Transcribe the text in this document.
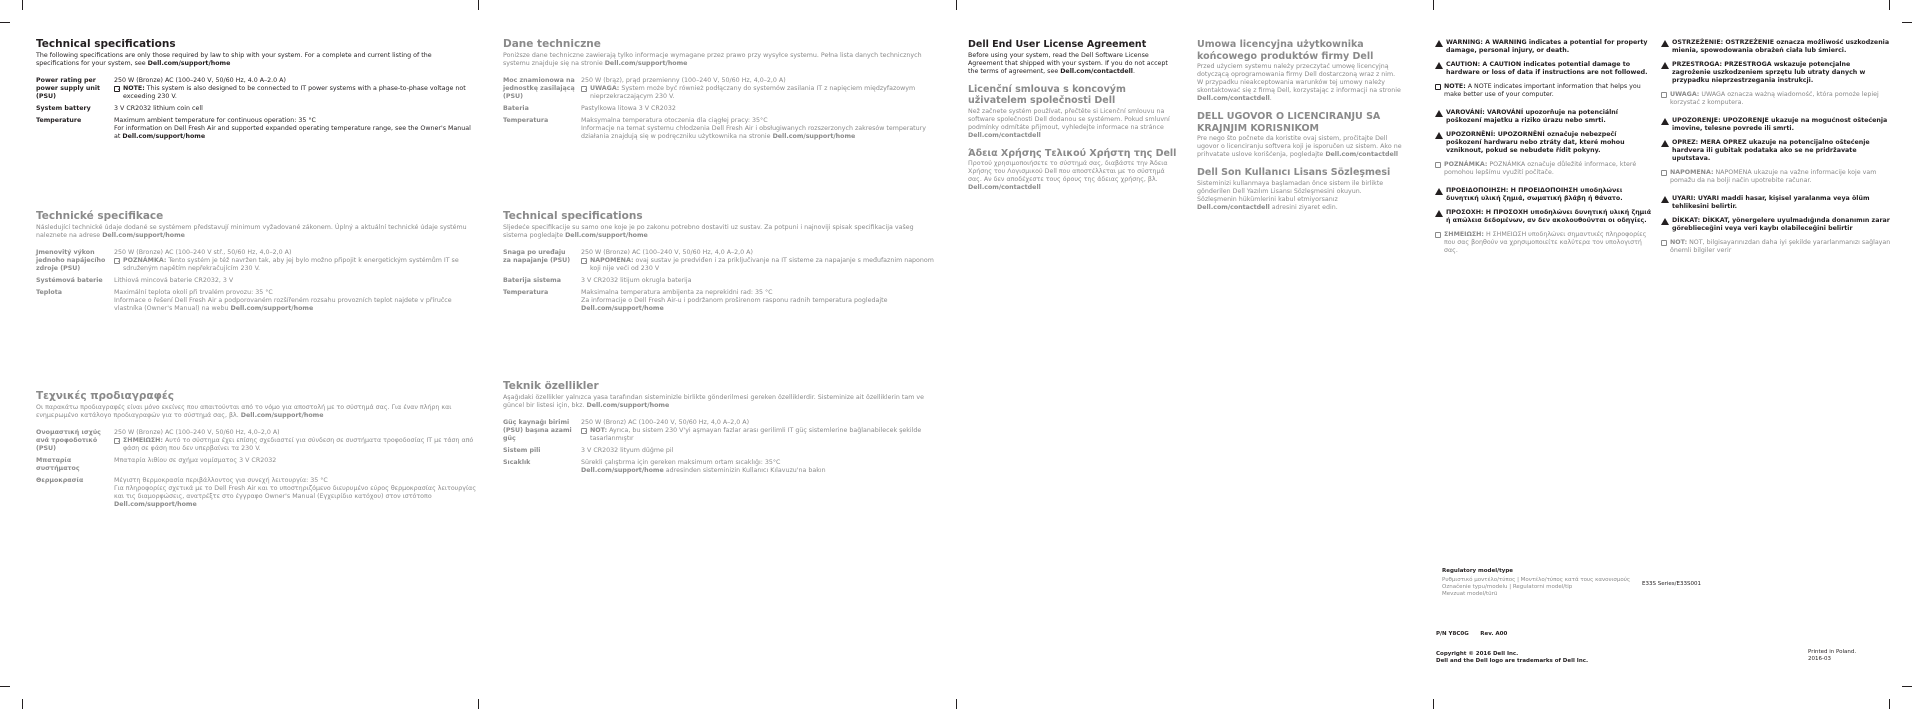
Technical specifications

The following specifications are only those required by law to ship with your system. For a complete and current listing of the specifications for your system, see Dell.com/support/home

Power rating per power supply unit (PSU)	250 W (Bronze) AC (100–240 V, 50/60 Hz, 4.0 A–2.0 A)
NOTE: This system is also designed to be connected to IT power systems with a phase-to-phase voltage not exceeding 230 V.

System battery	3 V CR2032 lithium coin cell
Temperature	Maximum ambient temperature for continuous operation: 35 °C
For information on Dell Fresh Air and supported expanded operating temperature range, see the Owner's Manual at Dell.com/support/home
Technické specifikace

Následující technické údaje dodané se systémem představují minimum vyžadované zákonem. Úplný a aktuální technické údaje systému naleznete na adrese Dell.com/support/home

Jmenovitý výkon jednoho napájecího zdroje (PSU)	250 W (Bronze) AC (100–240 V stř., 50/60 Hz, 4,0–2,0 A)
POZNÁMKA: Tento systém je též navržen tak, aby jej bylo možno připojit k energetickým systémům IT se sdruženým napětím nepřekračujícím 230 V.

Systémová baterie	Lithiová mincová baterie CR2032, 3 V
Teplota	Maximální teplota okolí při trvalém provozu: 35 °C
Informace o řešení Dell Fresh Air a podporovaném rozšířeném rozsahu provozních teplot najdete v příručce vlastníka (Owner's Manual) na webu Dell.com/support/home
Τεχνικές προδιαγραφές

Οι παρακάτω προδιαγραφές είναι μόνο εκείνες που απαιτούνται από το νόμο για αποστολή με το σύστημά σας. Για έναν πλήρη και ενημερωμένο κατάλογο προδιαγραφών για το σύστημά σας, βλ. Dell.com/support/home

Ονομαστική ισχύς ανά τροφοδοτικό (PSU)	250 W (Bronze) AC (100–240 V, 50/60 Hz, 4,0–2,0 A)
ΣΗΜΕΙΩΣΗ: Αυτό το σύστημα έχει επίσης σχεδιαστεί για σύνδεση σε συστήματα τροφοδοσίας IT με τάση από φάση σε φάση που δεν υπερβαίνει τα 230 V.

Μπαταρία συστήματος	Μπαταρία λιθίου σε σχήμα νομίσματος 3 V CR2032
Θερμοκρασία	Μέγιστη θερμοκρασία περιβάλλοντος για συνεχή λειτουργία: 35 °C
Για πληροφορίες σχετικά με το Dell Fresh Air και το υποστηριζόμενο διευρυμένο εύρος θερμοκρασίας λειτουργίας και τις διαμορφώσεις, ανατρέξτε στο έγγραφο Owner's Manual (Εγχειρίδιο κατόχου) στον ιστότοπο Dell.com/support/home
Dane techniczne

Poniższe dane techniczne zawierają tylko informacje wymagane przez prawo przy wysyłce systemu. Pełna lista danych technicznych systemu znajduje się na stronie Dell.com/support/home

Moc znamionowa na jednostkę zasilającą (PSU)	250 W (brąz), prąd przemienny (100–240 V, 50/60 Hz, 4,0–2,0 A)
UWAGA: System może być również podłączany do systemów zasilania IT z napięciem międzyfazowym nieprzekraczającym 230 V.

Bateria	Pastylkowa litowa 3 V CR2032
Temperatura	Maksymalna temperatura otoczenia dla ciągłej pracy: 35°C
Informacje na temat systemu chłodzenia Dell Fresh Air i obsługiwanych rozszerzonych zakresów temperatury działania znajdują się w podręczniku użytkownika na stronie Dell.com/support/home
Technical specifications

Sljedeće specifikacije su samo one koje je po zakonu potrebno dostaviti uz sustav. Za potpuni i najnoviji spisak specifikacija vašeg sistema pogledajte Dell.com/support/home

Snaga po uređaju za napajanje (PSU)	250 W (Bronze) AC (100–240 V, 50/60 Hz, 4,0 A–2,0 A)
NAPOMENA: ovaj sustav je predviđen i za priključivanje na IT sisteme za napajanje s međufaznim naponom koji nije veći od 230 V

Baterija sistema	3 V CR2032 litijum okrugla baterija
Temperatura	Maksimalna temperatura ambijenta za neprekidni rad: 35 °C
Za informacije o Dell Fresh Air-u i podržanom proširenom rasponu radnih temperatura pogledajte Dell.com/support/home
Teknik özellikler

Aşağıdaki özellikler yalnızca yasa tarafından sisteminizle birlikte gönderilmesi gereken özelliklerdir. Sisteminize ait özelliklerin tam ve güncel bir listesi için, bkz. Dell.com/support/home

Güç kaynağı birimi (PSU) başına azami güç	250 W (Bronz) AC (100–240 V, 50/60 Hz, 4,0 A–2,0 A)
NOT: Ayrıca, bu sistem 230 V'yi aşmayan fazlar arası gerilimli IT güç sistemlerine bağlanabilecek şekilde tasarlanmıştır

Sistem pili	3 V CR2032 lityum düğme pil
Sıcaklık	Sürekli çalıştırma için gereken maksimum ortam sıcaklığı: 35°C
Dell.com/support/home adresinden sisteminizin Kullanıcı Kılavuzu'na bakın
Dell End User License Agreement

Before using your system, read the Dell Software License Agreement that shipped with your system. If you do not accept the terms of agreement, see Dell.com/contactdell.

Licenční smlouva s koncovým uživatelem společnosti Dell

Než začnete systém používat, přečtěte si Licenční smlouvu na software společnosti Dell dodanou se systémem. Pokud smluvní podmínky odmítáte přijmout, vyhledejte informace na stránce Dell.com/contactdell

Άδεια Χρήσης Τελικού Χρήστη της Dell

Προτού χρησιμοποιήσετε το σύστημά σας, διαβάστε την Άδεια Χρήσης του Λογισμικού Dell που αποστέλλεται με το σύστημά σας. Αν δεν αποδέχεστε τους όρους της άδειας χρήσης, βλ. Dell.com/contactdell

Umowa licencyjna użytkownika końcowego produktów firmy Dell

Przed użyciem systemu należy przeczytać umowę licencyjną dotyczącą oprogramowania firmy Dell dostarczoną wraz z nim. W przypadku nieakceptowania warunków tej umowy należy skontaktować się z firmą Dell, korzystając z informacji na stronie Dell.com/contactdell.

DELL UGOVOR O LICENCIRANJU SA KRAJNJIM KORISNIKOM

Pre nego što počnete da koristite ovaj sistem, pročitajte Dell ugovor o licenciranju softvera koji je isporučen uz sistem. Ako ne prihvatate uslove korišćenja, pogledajte Dell.com/contactdell

Dell Son Kullanıcı Lisans Sözleşmesi

Sisteminizi kullanmaya başlamadan önce sistem ile birlikte gönderilen Dell Yazılım Lisansı Sözleşmesini okuyun. Sözleşmenin hükümlerini kabul etmiyorsanız Dell.com/contactdell adresini ziyaret edin.

WARNING: A WARNING indicates a potential for property damage, personal injury, or death.
CAUTION: A CAUTION indicates potential damage to hardware or loss of data if instructions are not followed.
NOTE: A NOTE indicates important information that helps you make better use of your computer.
VAROVÁNÍ: VAROVÁNÍ upozorňuje na potenciální poškození majetku a riziko úrazu nebo smrti.
UPOZORNĚNÍ: UPOZORNĚNÍ označuje nebezpečí poškození hardwaru nebo ztráty dat, které mohou vzniknout, pokud se nebudete řídit pokyny.
POZNÁMKA: POZNÁMKA označuje důležité informace, které pomohou lepšímu využití počítače.
ΠΡΟΕΙΔΟΠΟΙΗΣΗ: Η ΠΡΟΕΙΔΟΠΟΙΗΣΗ υποδηλώνει δυνητική υλική ζημιά, σωματική βλάβη ή θάνατο.
ΠΡΟΣΟΧΗ: Η ΠΡΟΣΟΧΗ υποδηλώνει δυνητική υλική ζημιά ή απώλεια δεδομένων, αν δεν ακολουθούνται οι οδηγίες.
ΣΗΜΕΙΩΣΗ: Η ΣΗΜΕΙΩΣΗ υποδηλώνει σημαντικές πληροφορίες που σας βοηθούν να χρησιμοποιείτε καλύτερα τον υπολογιστή σας.
OSTRZEŻENIE: OSTRZEŻENIE oznacza możliwość uszkodzenia mienia, spowodowania obrażeń ciała lub śmierci.
PRZESTROGA: PRZESTROGA wskazuje potencjalne zagrożenie uszkodzeniem sprzętu lub utraty danych w przypadku nieprzestrzegania instrukcji.
UWAGA: UWAGA oznacza ważną wiadomość, która pomoże lepiej korzystać z komputera.
UPOZORENJE: UPOZORENJE ukazuje na mogućnost oštećenja imovine, telesne povrede ili smrti.
OPREZ: MERA OPREZ ukazuje na potencijalno oštećenje hardvera ili gubitak podataka ako se ne pridržavate uputstava.
NAPOMENA: NAPOMENA ukazuje na važne informacije koje vam pomažu da na bolji način upotrebite računar.
UYARI: UYARI maddi hasar, kişisel yaralanma veya ölüm tehlikesini belirtir.
DİKKAT: DİKKAT, yönergelere uyulmadığında donanımın zarar göreblieceğini veya veri kaybı olabileceğini belirtir
NOT: NOT, bilgisayarınızdan daha iyi şekilde yararlanmanızı sağlayan önemli bilgiler verir
Regulatory model/type
Ρυθμιστικό μοντέλο/τύπος | Μοντέλο/τύπος κατά τους κανονισμούς
Označenie typu/modelu | Regulatorni model/tip
Mevzuat model/türü
E33S Series/E33S001
P/N Y8C0G Rev. A00
Copyright © 2016 Dell Inc.
Dell and the Dell logo are trademarks of Dell Inc.
Printed in Poland.
2016-03
